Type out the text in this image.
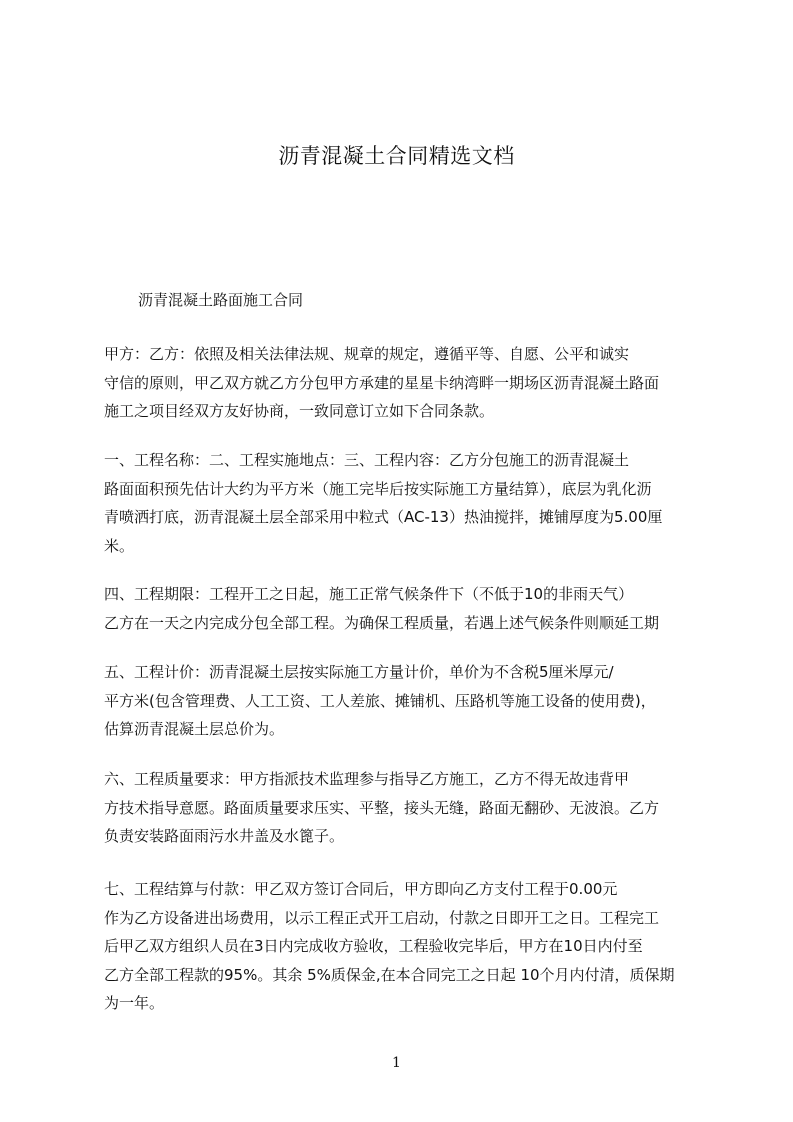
沥青混凝土合同精选文档
沥青混凝土路面施工合同
甲方：乙方：依照及相关法律法规、规章的规定，遵循平等、自愿、公平和诚实
守信的原则，甲乙双方就乙方分包甲方承建的星星卡纳湾畔一期场区沥青混凝土路面
施工之项目经双方友好协商，一致同意订立如下合同条款。
一、工程名称：二、工程实施地点：三、工程内容：乙方分包施工的沥青混凝土
路面面积预先估计大约为平方米（施工完毕后按实际施工方量结算），底层为乳化沥
青喷洒打底，沥青混凝土层全部采用中粒式（AC-13）热油搅拌，摊铺厚度为5.00厘
米。
四、工程期限：工程开工之日起，施工正常气候条件下（不低于10的非雨天气）
乙方在一天之内完成分包全部工程。为确保工程质量，若遇上述气候条件则顺延工期
五、工程计价：沥青混凝土层按实际施工方量计价，单价为不含税5厘米厚元/
平方米(包含管理费、人工工资、工人差旅、摊铺机、压路机等施工设备的使用费)，
估算沥青混凝土层总价为。
六、工程质量要求：甲方指派技术监理参与指导乙方施工，乙方不得无故违背甲
方技术指导意愿。路面质量要求压实、平整，接头无缝，路面无翻砂、无波浪。乙方
负责安装路面雨污水井盖及水篦子。
七、工程结算与付款：甲乙双方签订合同后，甲方即向乙方支付工程于0.00元
作为乙方设备进出场费用，以示工程正式开工启动，付款之日即开工之日。工程完工
后甲乙双方组织人员在3日内完成收方验收，工程验收完毕后，甲方在10日内付至
乙方全部工程款的95%。其余 5%质保金,在本合同完工之日起 10个月内付清，质保期
为一年。
1
